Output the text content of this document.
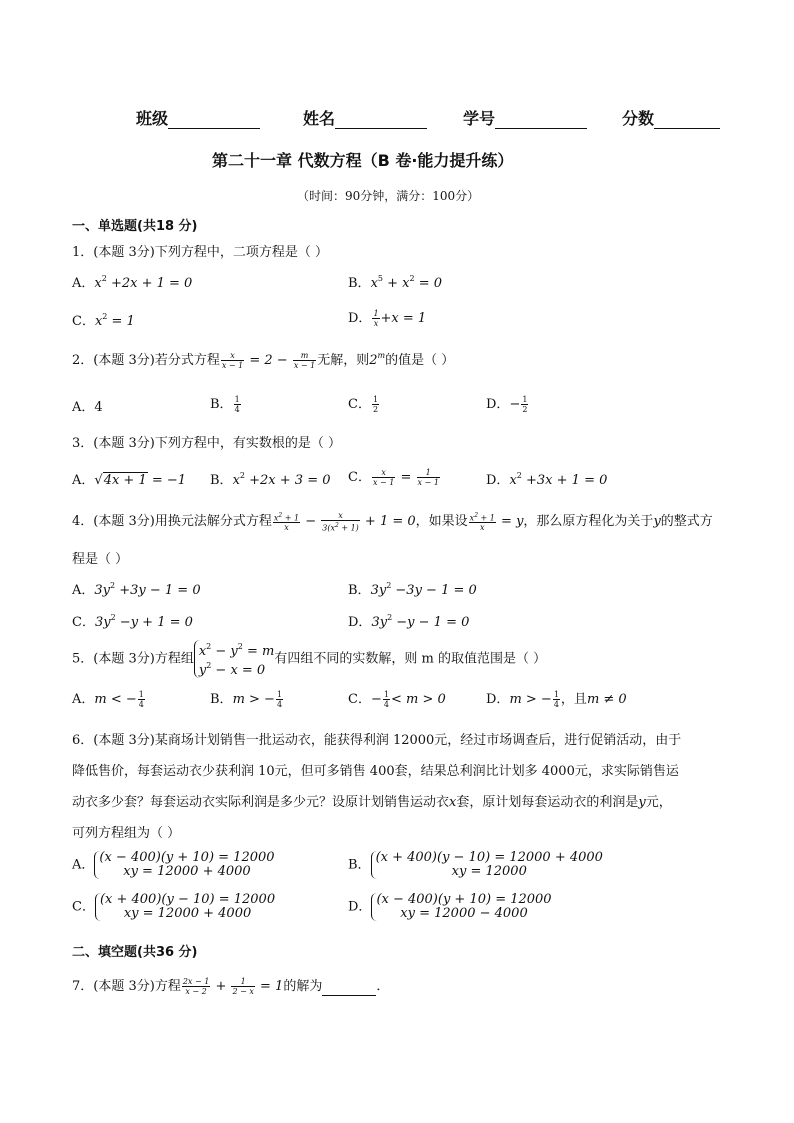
班级	姓名	学号	分数
第二十一章 代数方程（B 卷·能力提升练）
（时间：90分钟，满分：100分）
一、单选题(共18 分)
1．(本题 3分)下列方程中，二项方程是（ ）
A．$x^2 +2x + 1 = 0$	B．$x^5 + x^2 = 0$
C．$x^2 = 1$	D． $\frac{1}{x} +x = 1$
2．(本题 3分)若分式方程 $\frac{x}{x - 1} = 2 - \frac{m}{x - 1}$ 无解，则2$^m$的值是（ ）
A．4	B． $\frac{1}{4}$	C． $\frac{1}{2}$	D．− $\frac{1}{2}$
3．(本题 3分)下列方程中，有实数根的是（ ）
A．√4x + 1 = −1 B．$x^2 +2x + 3 = 0$ C． $\frac{x}{x - 1} = \frac{1}{x - 1}$	D．$x^2 +3x + 1 = 0$
4．(本题 3分)用换元法解分式方程 $\frac{x^2 + 1}{x} - \frac{x}{3(x^2 + 1)} + 1 = 0$，如果设 $\frac{x^2 + 1}{x} = y$，那么原方程化为关于y的整式方
程是（ ）
A．$3y^2 +3y - 1 = 0$	B．$3y^2 -3y - 1 = 0$
C．$3y^2 -y + 1 = 0$	D．$3y^2 -y - 1 = 0$
5．(本题 3分)方程组 $x^2 - y^2 = m$
$y^2 - x = 0$
有四组不同的实数解，则 m 的取值范围是（ ）
A．m < − $\frac{1}{4}$	B．m > − $\frac{1}{4}$	C．− $\frac{1}{4} < m > 0$	D．m > − $\frac{1}{4}$ ，且m ≠ 0
6．(本题 3分)某商场计划销售一批运动衣，能获得利润 12000元，经过市场调查后，进行促销活动，由于
降低售价，每套运动衣少获利润 10元，但可多销售 400套，结果总利润比计划多 4000元，求实际销售运
动衣多少套？每套运动衣实际利润是多少元？设原计划销售运动衣x套，原计划每套运动衣的利润是y元，
可列方程组为（ ）
A． (x − 400)(y + 10) = 12000
xy = 12000 + 4000	B． (x + 400)(y − 10) = 12000 + 4000
xy = 12000
C． (x + 400)(y − 10) = 12000
xy = 12000 + 4000	D． (x − 400)(y + 10) = 12000
xy = 12000 − 4000
二、填空题(共36 分)
7．(本题 3分)方程 $\frac{2x - 1}{x - 2} + \frac{1}{2 - x} = 1$的解为	．
